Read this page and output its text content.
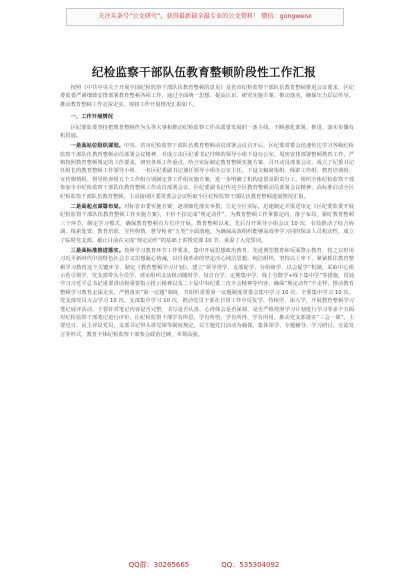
关注头条号“公文研究”，获得最新最全最专业的公文资料！ 微信：gongwenx
纪检监察干部队伍教育整顿阶段性工作汇报

按照《中共中央关于开展全国纪检监察干部队伍教育整顿的意见》及省市纪检监察干部队伍教育整顿推进会议要求，区纪委监委严谨细致安排部署教育整顿各项工作，通过全面统一思想、提高认识、研究实施方案、推动落实，确保压力层层传导，推动教育整顿工作走深走实。现将工作开展情况汇报如下。

一、工作开展情况

区纪委监委坚持把教育整顿作为头等大事和推动纪检监察工作高质量发展的一条主线，不断强化部署、推进、落实步骤有机贯通。

一是高站位组织谋划。中央、省市纪检监察干部队伍教育整顿动员部署会议召开后，区纪委常委会迅速传达学习各级纪检监察干部队伍教育整顿动员部署会议精神，并成立由区纪委书记挂帅的领导小组下设办公室，周密安排部署整顿教育工作，严格按照教育整顿规定的工作要求，研究各项工作重点，结合实际制定教育整顿实施方案，召开动员部署会议，成立了纪委书记任组长的教育整顿工作领导小组、一名区纪委副书记兼任领导小组办公室主任，下设文稿简报组、线索工作组、教育培训组、宣传舆情组、督导检查组五个工作组分别制定各工作组实施方案，进一步明确了机构设置及职责分工，组织全体纪检监察干部参加全市纪检监察干部队伍教育整顿工作动员部署会议，区纪委副书记传达全区教育整顿动员部署会议精神，高标准启动全区纪检监察干部队伍教育整顿，主动接请区委常委会会议听取全区纪检监察干部队伍教育整顿进展情况汇报。

二是高起点谋篇布局。对标省市委实施方案，逐项细化落实举措，立足全区实际，迅速制定并报送审定《区纪委监委开展纪检监察干部队伍教育整顿工作实施方案》，不折不扣完成“规定动作”，为教育整顿工作掌握定向、落子布局，紧盯教育整顿三个环节，制定学习模式，确保教育整顿有方有序开展。教育整顿以来，先后召开领导小组会议 10 次，有效推动了综合协调、线索处置、教育培训、宣传舆情、督导检查“五类”全面落地，为确保高效组织能够高效率学习同时保证人员机动性，成立了临时党支部，截止目前在完成“规定动作”的基础上讲授党课 10 节，重温了入党誓词。

三是高标准推进落实。按照学习教育环节工作要求，集中开展思想政治教育，先进典型教育和反面警示教育，持之以恒用习近平新时代中国特色社会主义思想凝心铸魂，以自我革命的坚定决心纯洁思想、纯洁组织，坚持以上率下，紧紧抓住教育整顿学习教育这个关键环节，制定《教育整顿学习计划》，建立“领导带学、支部促学、分组研学、以会促学”机制，采取中心组示范引领学、党支部带头全员学、部室组织灵活机动随时学、每日自学、定期集中学、线上分散学+线下集中学”等措施，贯通学习习近平总书记重要讲话和重要指示批示精神以及二十届中央纪委二次全会精神等内容，确保“规定动作”不走样，推动教育整顿学习教育走深走实，严格落实“第一议题”制度，共组织常委第一议题制度常委会集中学习 10 次、全委集中学习 10 次、党支部党员大会学习 10 次，支部集中学习 10 次、推动党员干部在日常工作中反复学、持续学、深入学，开展教育整顿学习笔记展评活动，主要针对笔记内容是否完整、书写是否认真、心得体会是否深刻、是否严格按照学习计划进行学习等多个方面对纪检监察干部笔记进行评价，让纪检监察干部学有所思、学有所悟、学有所得、学有所用，推动党支部落实“三会一课”，主要党日、民主评议党员，支部书记带头讲党课等制度规定，以主题党日活动为载体，集体领学、专题辅导、学习研讨，交流发言等形式，教育全体纪检监察干部参会政治过硬、本领高强。

QQ群：30265665	QQ：535304092
